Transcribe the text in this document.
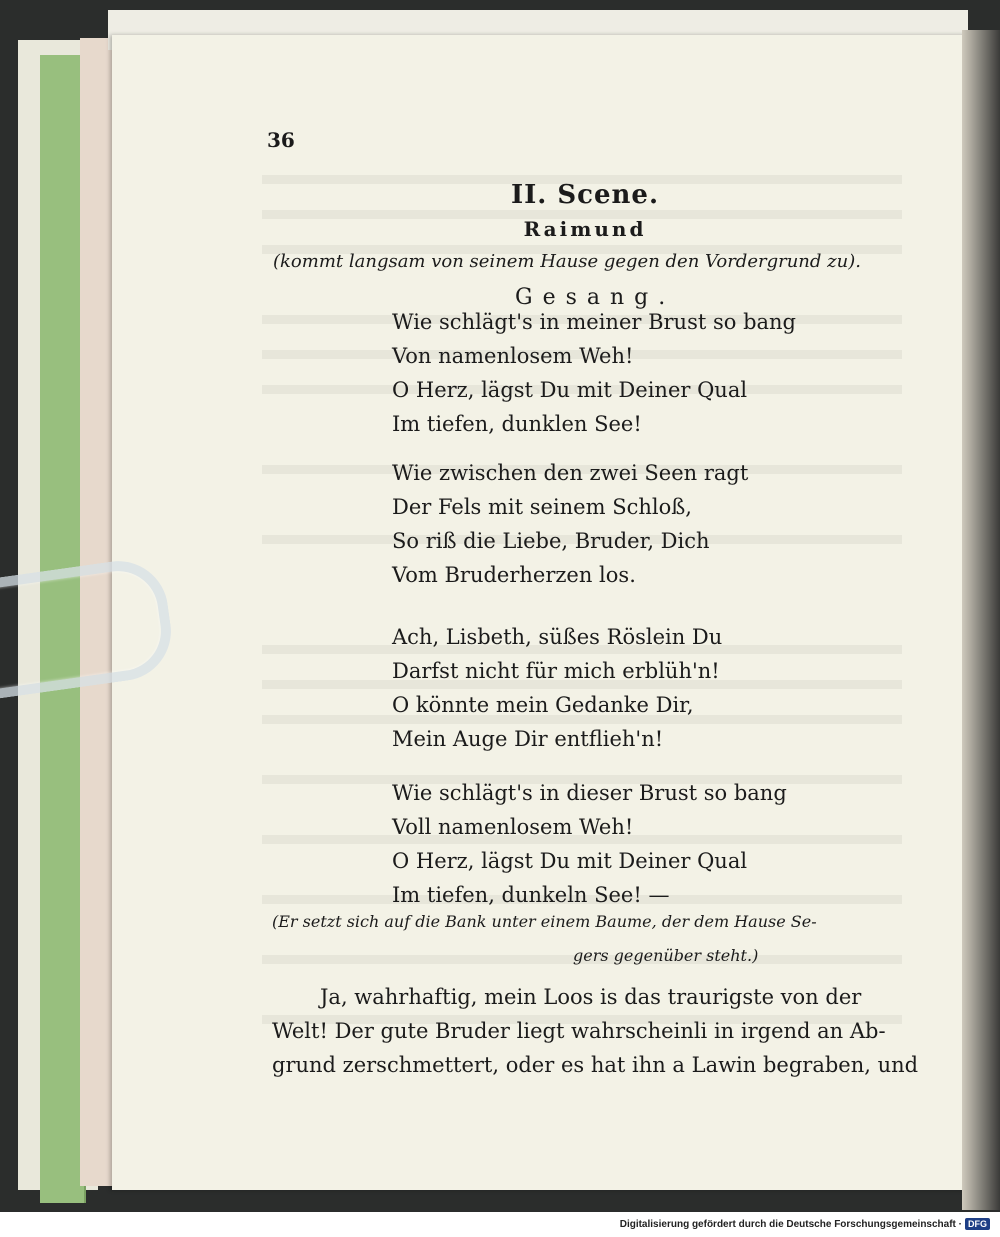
36
II. Scene.
Raimund
(kommt langsam von seinem Hause gegen den Vordergrund zu).
Gesang.
Wie schlägt's in meiner Brust so bang
Von namenlosem Weh!
O Herz, lägst Du mit Deiner Qual
Im tiefen, dunklen See!
Wie zwischen den zwei Seen ragt
Der Fels mit seinem Schloß,
So riß die Liebe, Bruder, Dich
Vom Bruderherzen los.
Ach, Lisbeth, süßes Röslein Du
Darfst nicht für mich erblüh'n!
O könnte mein Gedanke Dir,
Mein Auge Dir entflieh'n!
Wie schlägt's in dieser Brust so bang
Voll namenlosem Weh!
O Herz, lägst Du mit Deiner Qual
Im tiefen, dunkeln See! —
(Er setzt sich auf die Bank unter einem Baume, der dem Hause Se-
gers gegenüber steht.)
Ja, wahrhaftig, mein Loos is das traurigste von der
Welt! Der gute Bruder liegt wahrscheinli in irgend an Ab-
grund zerschmettert, oder es hat ihn a Lawin begraben, und
Digitalisierung gefördert durch die Deutsche Forschungsgemeinschaft · DFG
